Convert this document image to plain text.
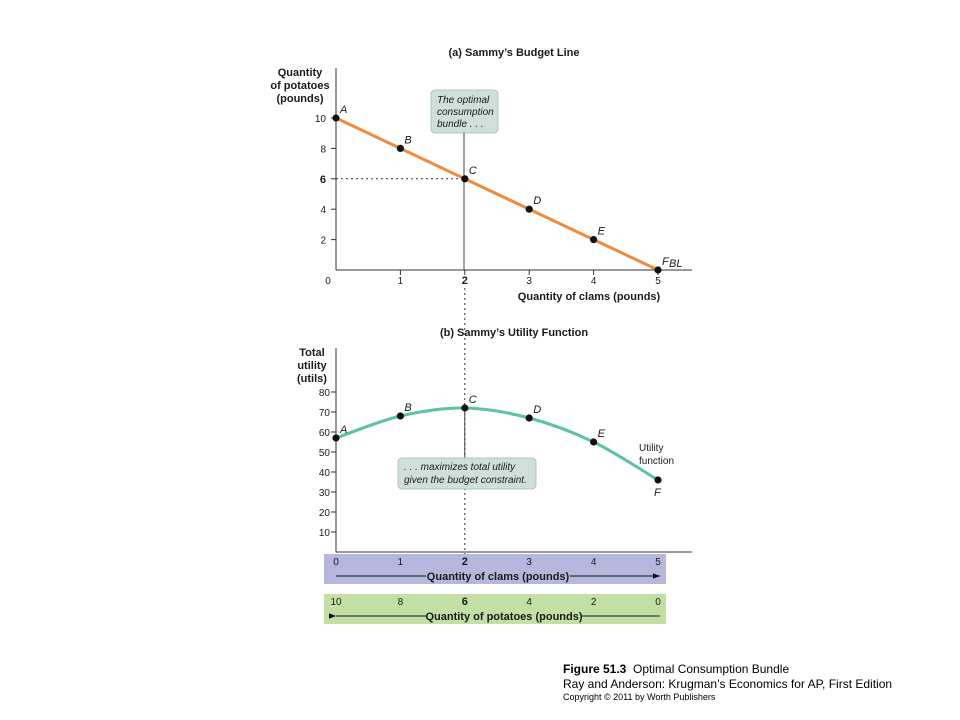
(a) Sammy’s Budget Line
Quantity
of potatoes
(pounds)
2
4
6
8
10
1	2	3	4	5
0
Quantity of clams (pounds)
The optimal
consumption
bundle . . .
A
B
C
D
E
F BL
(b) Sammy’s Utility Function
Total
utility
(utils)
10
20
30
40
50
60
70
80
. . . maximizes total utility
given the budget constraint.
A
B
C
D
E
F
Utility
function
0	1	2	3	4	5
Quantity of clams (pounds)
10	8	6	4	2	0
Quantity of potatoes (pounds)
Figure 51.3 Optimal Consumption Bundle
Ray and Anderson: Krugman’s Economics for AP, First Edition
Copyright © 2011 by Worth Publishers
